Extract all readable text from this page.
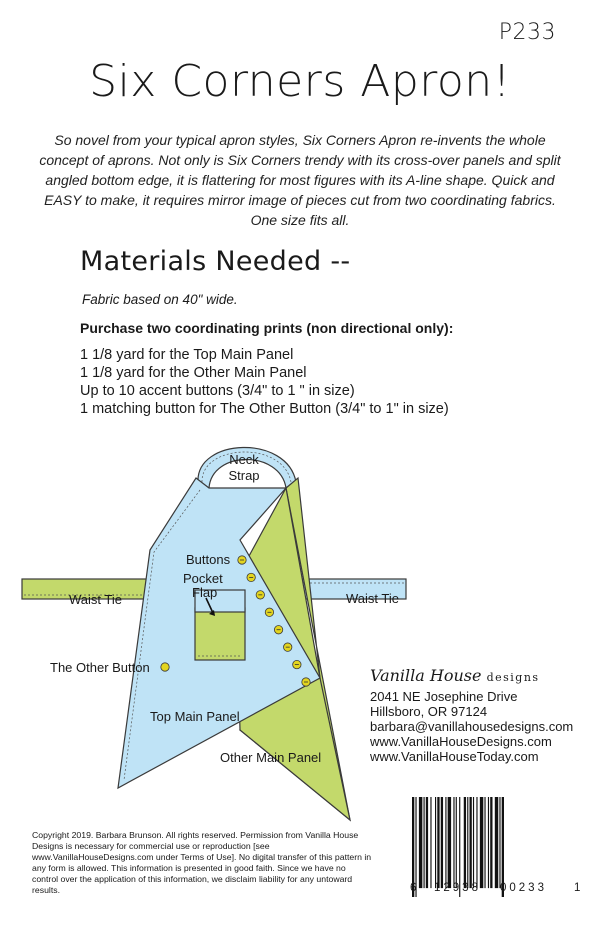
P233
Six Corners Apron!
So novel from your typical apron styles, Six Corners Apron re-invents the whole concept of aprons. Not only is Six Corners trendy with its cross-over panels and split angled bottom edge, it is flattering for most figures with its A-line shape. Quick and EASY to make, it requires mirror image of pieces cut from two coordinating fabrics. One size fits all.
Materials Needed --
Fabric based on 40" wide.
Purchase two coordinating prints (non directional only):
1 1/8 yard for the Top Main Panel
1 1/8 yard for the Other Main Panel
Up to 10 accent buttons (3/4" to 1 " in size)
1 matching button for The Other Button (3/4" to 1" in size)
Neck
Strap
Buttons
Pocket
Flap
Waist Tie	Waist Tie
The Other Button
Top Main Panel
Other Main Panel
Vanilla House designs
2041 NE Josephine Drive
Hillsboro, OR 97124
barbara@vanillahousedesigns.com
www.VanillaHouseDesigns.com
www.VanillaHouseToday.com
Copyright 2019. Barbara Brunson. All rights reserved. Permission from Vanilla House Designs is necessary for commercial use or reproduction [see www.VanillaHouseDesigns.com under Terms of Use]. No digital transfer of this pattern in any form is allowed. This information is presented in good faith. Since we have no control over the application of this information, we disclaim liability for any untoward results.	6 12938 00233 1
